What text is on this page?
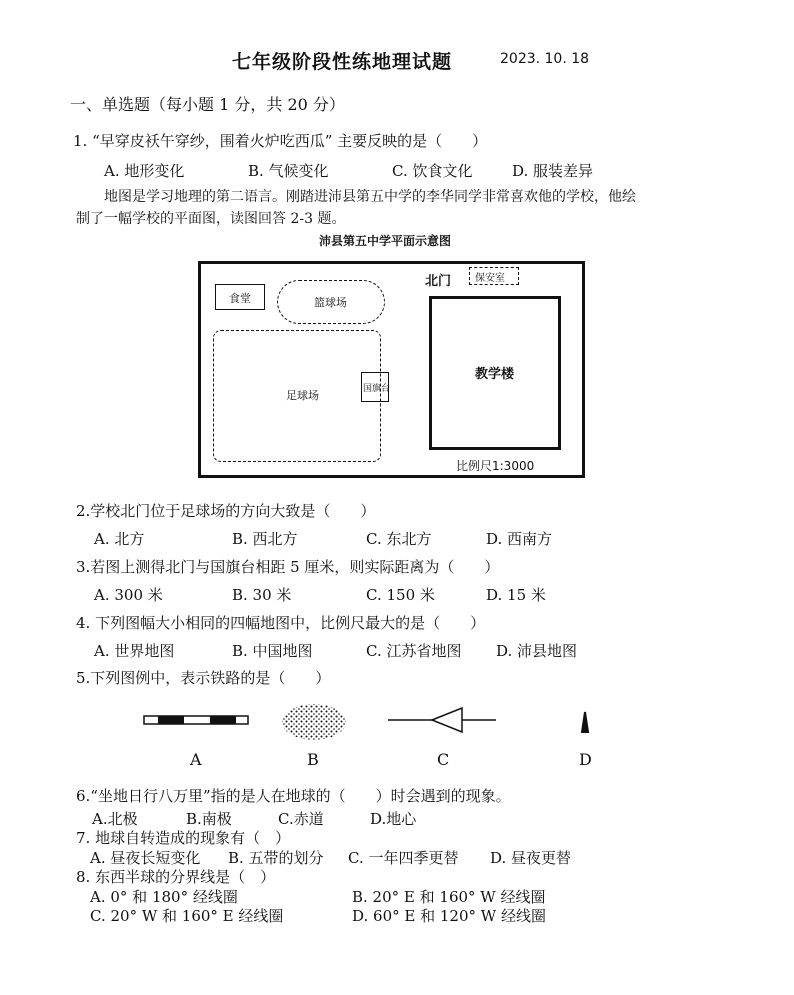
七年级阶段性练地理试题	2023. 10. 18
一、单选题（每小题 1 分，共 20 分）
1. “早穿皮袄午穿纱，围着火炉吃西瓜” 主要反映的是（　　）
A. 地形变化	B. 气候变化	C. 饮食文化	D. 服装差异
地图是学习地理的第二语言。刚踏进沛县第五中学的李华同学非常喜欢他的学校，他绘
制了一幅学校的平面图，读图回答 2-3 题。
沛县第五中学平面示意图
食堂	篮球场
足球场	国旗台
北门 保安室
教学楼
比例尺1:3000
2.学校北门位于足球场的方向大致是（　　）
A. 北方	B. 西北方	C. 东北方	D. 西南方
3.若图上测得北门与国旗台相距 5 厘米，则实际距离为（　　）
A. 300 米	B. 30 米	C. 150 米	D. 15 米
4. 下列图幅大小相同的四幅地图中，比例尺最大的是（　　）
A. 世界地图	B. 中国地图	C. 江苏省地图 D. 沛县地图
5.下列图例中，表示铁路的是（　　）
A	B	C	D
6.“坐地日行八万里”指的是人在地球的（　　）时会遇到的现象。
A.北极	B.南极	C.赤道	D.地心
7. 地球自转造成的现象有（　）
A. 昼夜长短变化 B. 五带的划分 C. 一年四季更替 D. 昼夜更替
8. 东西半球的分界线是（　）
A. 0° 和 180° 经线圈	B. 20° E 和 160° W 经线圈
C. 20° W 和 160° E 经线圈	D. 60° E 和 120° W 经线圈
